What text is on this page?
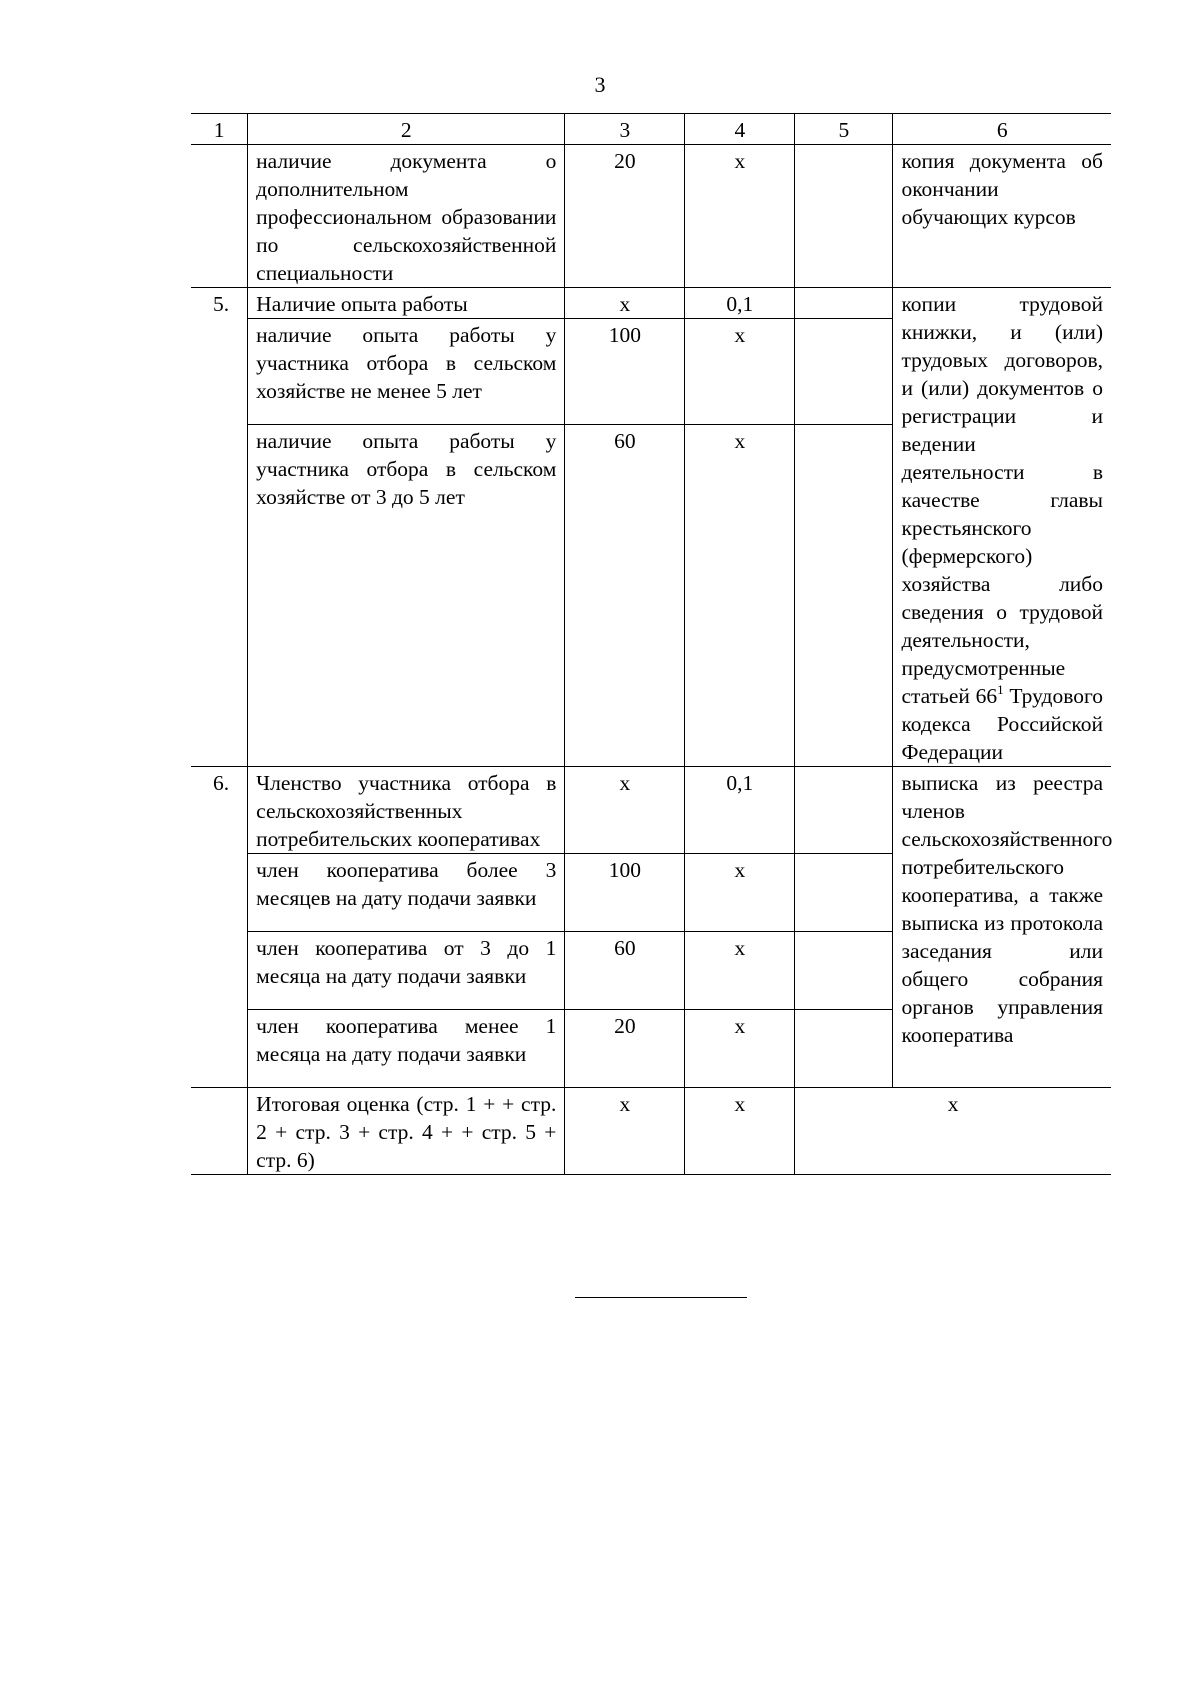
3
1	2	3	4	5	6
	наличие документа о дополнительном профессиональном образовании по сельскохозяйственной специальности	20	х		копия документа об окончании обучающих курсов
5.	Наличие опыта работы	х	0,1		копии трудовой книжки, и (или) трудовых договоров, и (или) документов о регистрации и ведении деятельности в качестве главы крестьянского (фермерского) хозяйства либо сведения о трудовой деятельности, предусмотренные статьей $66^1$ Трудового кодекса Российской Федерации
	наличие опыта работы у участника отбора в сельском хозяйстве не менее 5 лет	100	х		
	наличие опыта работы у участника отбора в сельском хозяйстве от 3 до 5 лет	60	х		
6.	Членство участника отбора в сельскохозяйственных потребительских кооперативах	х	0,1		выписка из реестра членов сельскохозяйственного потребительского кооператива, а также выписка из протокола заседания или общего собрания органов управления кооператива
	член кооператива более 3 месяцев на дату подачи заявки	100	х		
	член кооператива от 3 до 1 месяца на дату подачи заявки	60	х		
	член кооператива менее 1 месяца на дату подачи заявки	20	х		
	Итоговая оценка (стр. 1 + + стр. 2 + стр. 3 + стр. 4 + + стр. 5 + стр. 6)	х	х	х	
